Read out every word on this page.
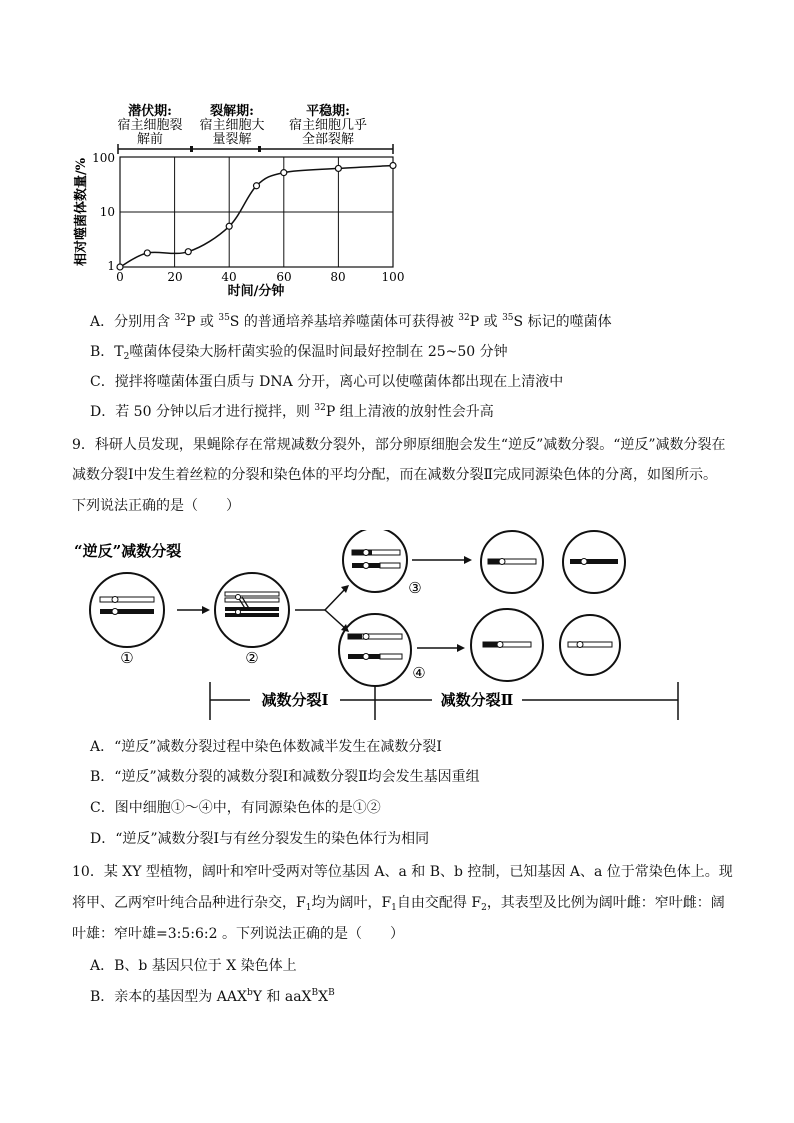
潜伏期:
宿主细胞裂
解前
裂解期:
宿主细胞大
量裂解
平稳期:
宿主细胞几乎
全部裂解
100
10
1
0	20	40	60	80	100
时间/分钟
相对噬菌体数量/%
A．分别用含 $^{32}$P 或 $^{35}$S 的普通培养基培养噬菌体可获得被 $^{32}$P 或 $^{35}$S 标记的噬菌体
B．$T_2$噬菌体侵染大肠杆菌实验的保温时间最好控制在 25~50 分钟
C．搅拌将噬菌体蛋白质与 DNA 分开，离心可以使噬菌体都出现在上清液中
D．若 50 分钟以后才进行搅拌，则 $^{32}$P 组上清液的放射性会升高
9．科研人员发现，果蝇除存在常规减数分裂外，部分卵原细胞会发生“逆反”减数分裂。“逆反”减数分裂在
减数分裂Ⅰ中发生着丝粒的分裂和染色体的平均分配，而在减数分裂Ⅱ完成同源染色体的分离，如图所示。
下列说法正确的是（　　）
“逆反”减数分裂
①	②
③
④
减数分裂Ⅰ	减数分裂Ⅱ
A．“逆反”减数分裂过程中染色体数减半发生在减数分裂Ⅰ
B．“逆反”减数分裂的减数分裂Ⅰ和减数分裂Ⅱ均会发生基因重组
C．图中细胞①～④中，有同源染色体的是①②
D．“逆反”减数分裂Ⅰ与有丝分裂发生的染色体行为相同
10．某 XY 型植物，阔叶和窄叶受两对等位基因 A、a 和 B、b 控制，已知基因 A、a 位于常染色体上。现
将甲、乙两窄叶纯合品种进行杂交，$F_1$均为阔叶，$F_1$自由交配得 $F_2$，其表型及比例为阔叶雌：窄叶雌：阔
叶雄：窄叶雄=3:5:6:2 。下列说法正确的是（　　）
A．B、b 基因只位于 X 染色体上
B．亲本的基因型为 AAX$^b$Y 和 $aaX^BX^B$
